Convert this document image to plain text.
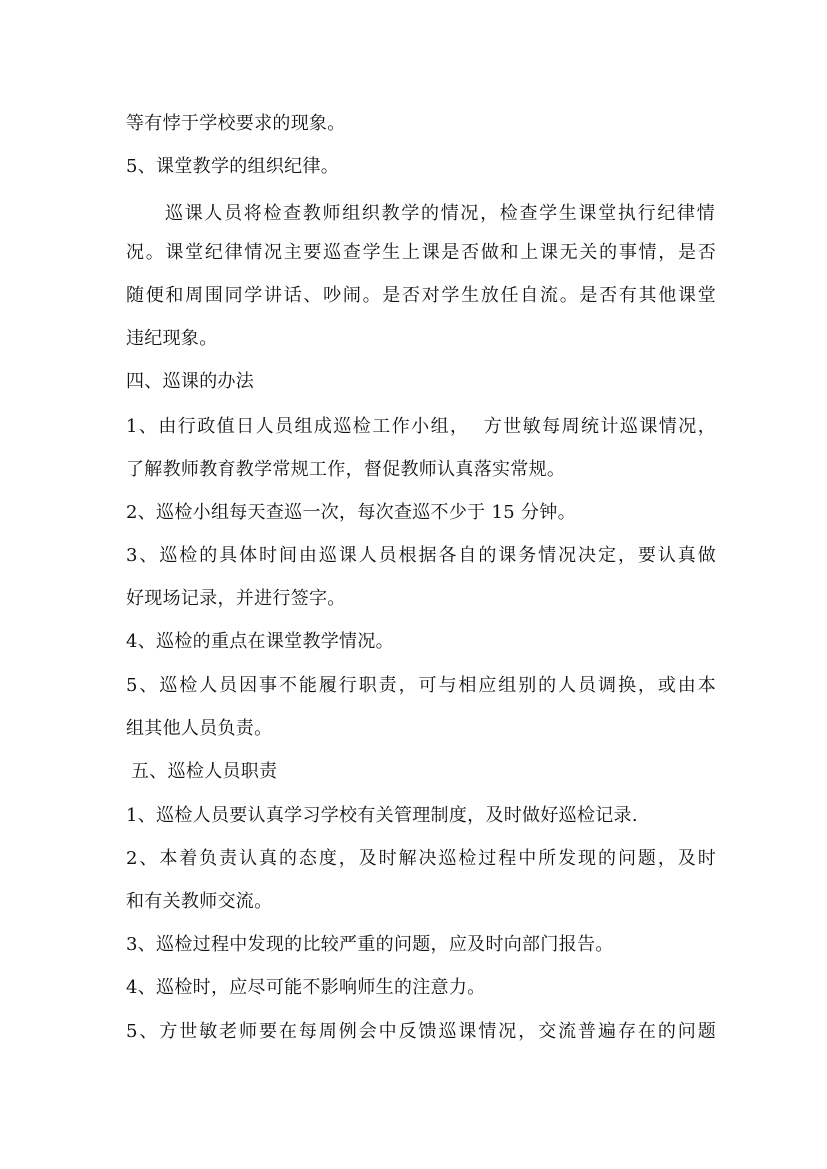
等有悖于学校要求的现象。
5、课堂教学的组织纪律。
巡课人员将检查教师组织教学的情况，检查学生课堂执行纪律情
况。课堂纪律情况主要巡查学生上课是否做和上课无关的事情，是否
随便和周围同学讲话、吵闹。是否对学生放任自流。是否有其他课堂
违纪现象。
四、巡课的办法
1、由行政值日人员组成巡检工作小组，  方世敏每周统计巡课情况，
了解教师教育教学常规工作，督促教师认真落实常规。
2、巡检小组每天查巡一次，每次查巡不少于 15 分钟。
3、巡检的具体时间由巡课人员根据各自的课务情况决定，要认真做
好现场记录，并进行签字。
4、巡检的重点在课堂教学情况。
5、巡检人员因事不能履行职责，可与相应组别的人员调换，或由本
组其他人员负责。
五、巡检人员职责
1、巡检人员要认真学习学校有关管理制度，及时做好巡检记录.
2、本着负责认真的态度，及时解决巡检过程中所发现的问题，及时
和有关教师交流。
3、巡检过程中发现的比较严重的问题，应及时向部门报告。
4、巡检时，应尽可能不影响师生的注意力。
5、方世敏老师要在每周例会中反馈巡课情况，交流普遍存在的问题
